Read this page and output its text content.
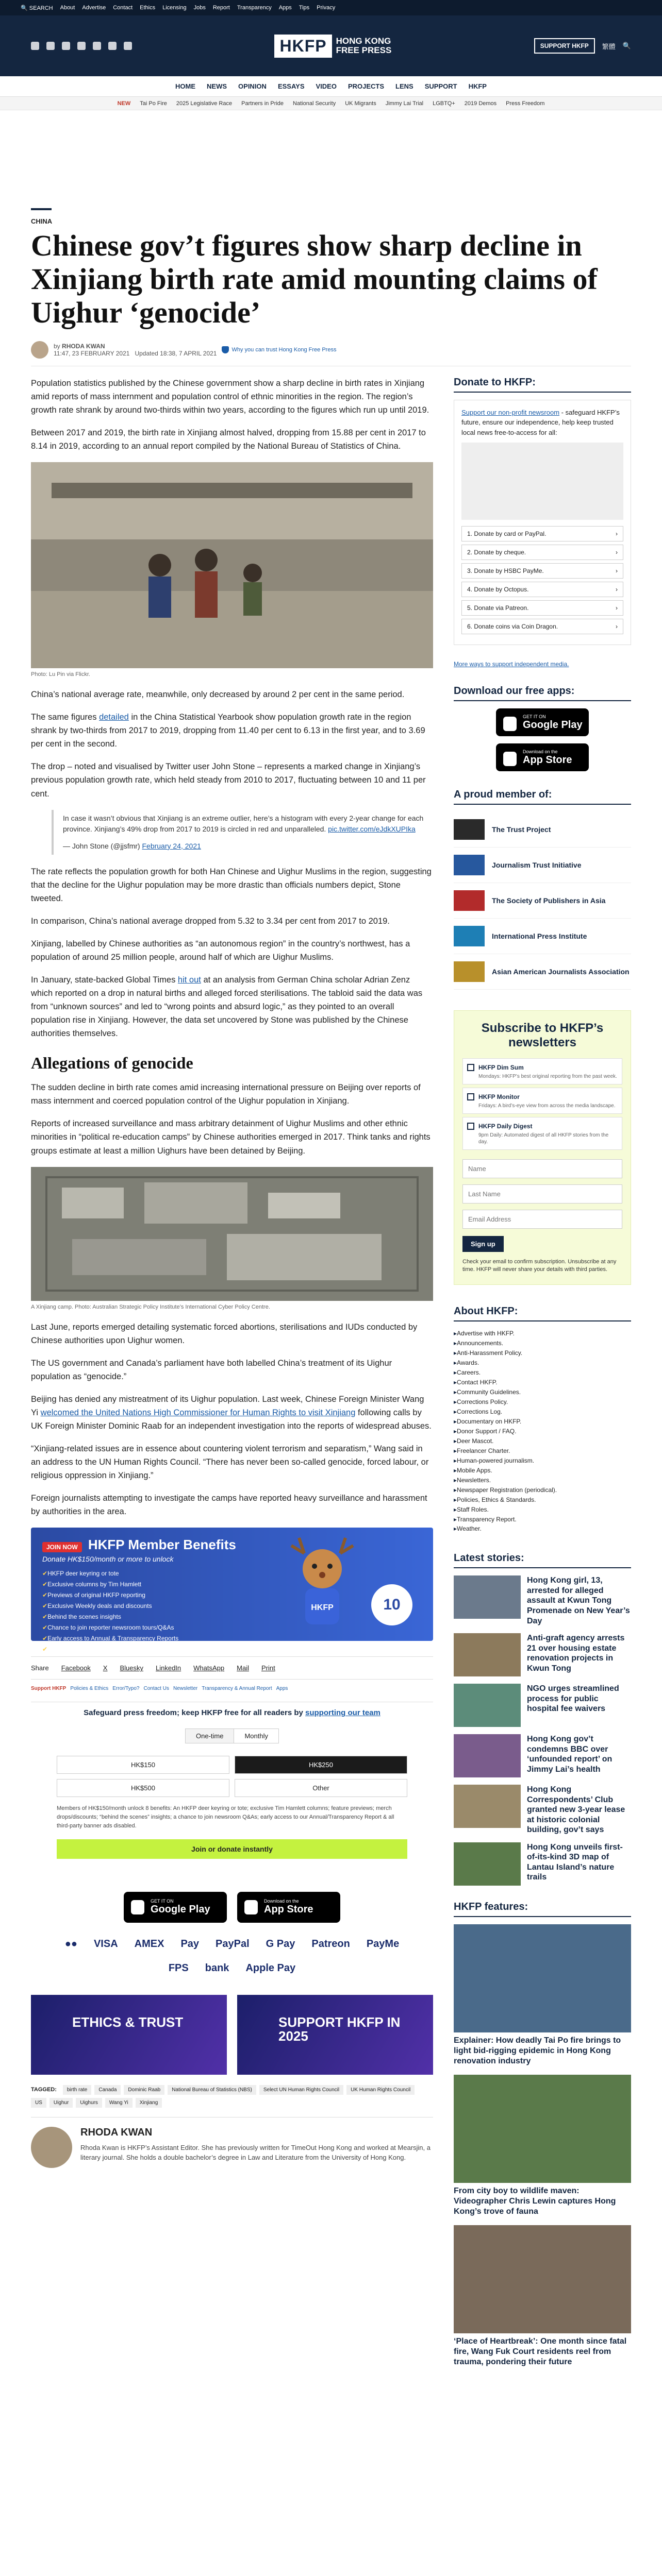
🔍 SEARCH About Advertise Contact Ethics Licensing Jobs Report Transparency Apps Tips Privacy
HKFP	HONG KONG
FREE PRESS	SUPPORT HKFP	繁體 🔍
HOME NEWS OPINION ESSAYS VIDEO PROJECTS LENS SUPPORT HKFP
NEW Tai Po Fire 2025 Legislative Race Partners in Pride National Security UK Migrants Jimmy Lai Trial LGBTQ+ 2019 Demos Press Freedom
CHINA
Chinese gov’t figures show sharp decline in Xinjiang birth rate amid mounting claims of Uighur ‘genocide’
by RHODA KWAN
11:47, 23 FEBRUARY 2021 Updated 18:38, 7 APRIL 2021	Why you can trust Hong Kong Free Press

Population statistics published by the Chinese government show a sharp decline in birth rates in Xinjiang amid reports of mass internment and population control of ethnic minorities in the region. The region’s growth rate shrank by around two-thirds within two years, according to the figures which run up until 2019.

Between 2017 and 2019, the birth rate in Xinjiang almost halved, dropping from 15.88 per cent in 2017 to 8.14 in 2019, according to an annual report compiled by the National Bureau of Statistics of China.

Photo: Lu Pin via Flickr.

China’s national average rate, meanwhile, only decreased by around 2 per cent in the same period.

The same figures detailed in the China Statistical Yearbook show population growth rate in the region shrank by two-thirds from 2017 to 2019, dropping from 11.40 per cent to 6.13 in the first year, and to 3.69 per cent in the second.

The drop – noted and visualised by Twitter user John Stone – represents a marked change in Xinjiang’s previous population growth rate, which held steady from 2010 to 2017, fluctuating between 10 and 11 per cent.

In case it wasn’t obvious that Xinjiang is an extreme outlier, here’s a histogram with every 2-year change for each province. Xinjiang’s 49% drop from 2017 to 2019 is circled in red and unparalleled. pic.twitter.com/eJdkXUPIka
— John Stone (@jjsfmr) February 24, 2021

The rate reflects the population growth for both Han Chinese and Uighur Muslims in the region, suggesting that the decline for the Uighur population may be more drastic than officials numbers depict, Stone tweeted.

In comparison, China’s national average dropped from 5.32 to 3.34 per cent from 2017 to 2019.

Xinjiang, labelled by Chinese authorities as “an autonomous region” in the country’s northwest, has a population of around 25 million people, around half of which are Uighur Muslims.

In January, state-backed Global Times hit out at an analysis from German China scholar Adrian Zenz which reported on a drop in natural births and alleged forced sterilisations. The tabloid said the data was from “unknown sources” and led to “wrong points and absurd logic,” as they pointed to an overall population rise in Xinjiang. However, the data set uncovered by Stone was published by the Chinese authorities themselves.

Allegations of genocide

The sudden decline in birth rate comes amid increasing international pressure on Beijing over reports of mass internment and coerced population control of the Uighur population in Xinjiang.

Reports of increased surveillance and mass arbitrary detainment of Uighur Muslims and other ethnic minorities in “political re-education camps” by Chinese authorities emerged in 2017. Think tanks and rights groups estimate at least a million Uighurs have been detained by Beijing.

A Xinjiang camp. Photo: Australian Strategic Policy Institute’s International Cyber Policy Centre.

Last June, reports emerged detailing systematic forced abortions, sterilisations and IUDs conducted by Chinese authorities upon Uighur women.

The US government and Canada’s parliament have both labelled China’s treatment of its Uighur population as “genocide.”

Beijing has denied any mistreatment of its Uighur population. Last week, Chinese Foreign Minister Wang Yi welcomed the United Nations High Commissioner for Human Rights to visit Xinjiang following calls by UK Foreign Minister Dominic Raab for an independent investigation into the reports of widespread abuses.

“Xinjiang-related issues are in essence about countering violent terrorism and separatism,” Wang said in an address to the UN Human Rights Council. “There has never been so-called genocide, forced labour, or religious oppression in Xinjiang.”

Foreign journalists attempting to investigate the camps have reported heavy surveillance and harassment by authorities in the area.

JOIN NOW HKFP Member Benefits
Donate HK$150/month or more to unlock
✔ HKFP deer keyring or tote
✔ Exclusive columns by Tim Hamlett
✔ Previews of original HKFP reporting
✔ Exclusive Weekly deals and discounts
✔ Behind the scenes insights
✔ Chance to join reporter newsroom tours/Q&As
✔ Early access to Annual & Transparency Reports
✔ Ad-free party banner ads disabled
HKFP	10
Share Facebook X Bluesky LinkedIn WhatsApp Mail Print
Support HKFP Policies & Ethics Error/Typo? Contact Us Newsletter Transparency & Annual Report Apps
Safeguard press freedom; keep HKFP free for all readers by supporting our team
One-time	Monthly
HK$150	HK$250
HK$500	Other
Members of HK$150/month unlock 8 benefits: An HKFP deer keyring or tote; exclusive Tim Hamlett columns; feature previews; merch drops/discounts; “behind the scenes” insights; a chance to join newsroom Q&As; early access to our Annual/Transparency Report & all third-party banner ads disabled.
Join or donate instantly
GET IT ON
Google Play
Download on the
App Store
●●	VISA	AMEX	Pay	PayPal	G Pay	Patreon	PayMe
FPS	bank	Apple Pay
ETHICS & TRUST	SUPPORT HKFP IN 2025
TAGGED:	birth rate	Canada	Dominic Raab	National Bureau of Statistics (NBS)	Select UN Human Rights Council	UK Human Rights Council
US	Uighur	Uighurs	Wang Yi	Xinjiang
RHODA KWAN

Rhoda Kwan is HKFP’s Assistant Editor. She has previously written for TimeOut Hong Kong and worked at Mearsjin, a literary journal. She holds a double bachelor’s degree in Law and Literature from the University of Hong Kong.

Donate to HKFP:

Support our non-profit newsroom - safeguard HKFP’s future, ensure our independence, help keep trusted local news free-to-access for all:

1. Donate by card or PayPal.	›
2. Donate by cheque.	›
3. Donate by HSBC PayMe.	›
4. Donate by Octopus.	›
5. Donate via Patreon.	›
6. Donate coins via Coin Dragon.	›
More ways to support independent media.
Download our free apps:
GET IT ON
Google Play
Download on the
App Store
A proud member of:
The Trust Project
Journalism Trust Initiative
The Society of Publishers in Asia
International Press Institute
Asian American Journalists Association
Subscribe to HKFP’s newsletters
HKFP Dim Sum
Mondays: HKFP’s best original reporting from the past week.
HKFP Monitor
Fridays: A bird’s-eye view from across the media landscape.
HKFP Daily Digest
9pm Daily: Automated digest of all HKFP stories from the day.
Name Last Name Email Address Sign up
Check your email to confirm subscription. Unsubscribe at any time. HKFP will never share your details with third parties.
About HKFP:
▸ Advertise with HKFP.
▸ Announcements.
▸ Anti-Harassment Policy.
▸ Awards.
▸ Careers.
▸ Contact HKFP.
▸ Community Guidelines.
▸ Corrections Policy.
▸ Corrections Log.
▸ Documentary on HKFP.
▸ Donor Support / FAQ.
▸ Deer Mascot.
▸ Freelancer Charter.
▸ Human-powered journalism.
▸ Mobile Apps.
▸ Newsletters.
▸ Newspaper Registration (periodical).
▸ Policies, Ethics & Standards.
▸ Staff Roles.
▸ Transparency Report.
▸ Weather.
Latest stories:
Hong Kong girl, 13, arrested for alleged assault at Kwun Tong Promenade on New Year’s Day
Anti-graft agency arrests 21 over housing estate renovation projects in Kwun Tong
NGO urges streamlined process for public hospital fee waivers
Hong Kong gov’t condemns BBC over ‘unfounded report’ on Jimmy Lai’s health
Hong Kong Correspondents’ Club granted new 3-year lease at historic colonial building, gov’t says
Hong Kong unveils first-of-its-kind 3D map of Lantau Island’s nature trails
HKFP features:
Explainer: How deadly Tai Po fire brings to light bid-rigging epidemic in Hong Kong renovation industry
From city boy to wildlife maven: Videographer Chris Lewin captures Hong Kong’s trove of fauna
‘Place of Heartbreak’: One month since fatal fire, Wang Fuk Court residents reel from trauma, pondering their future
